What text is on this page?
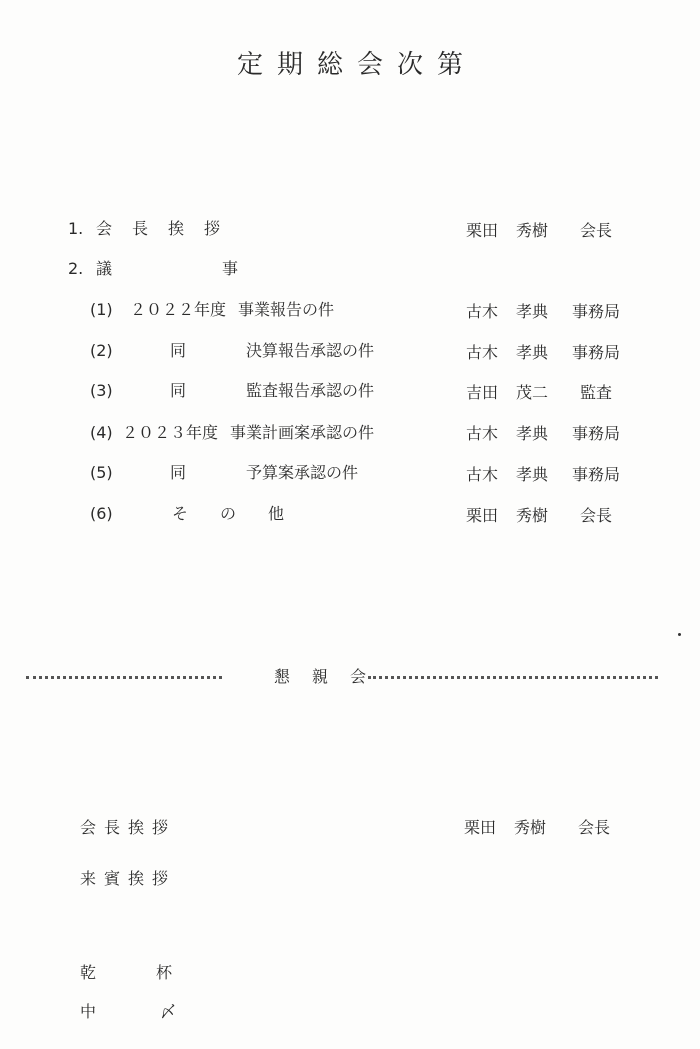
定期総会次第
1. 会長挨拶	栗田 秀樹 会長
2. 議	事
(1) ２０２２年度 事業報告の件	古木 孝典 事務局
(2)	同	決算報告承認の件	古木 孝典 事務局
(3)	同	監査報告承認の件	吉田 茂二 監査
(4) ２０２３年度 事業計画案承認の件	古木 孝典 事務局
(5)	同	予算案承認の件	古木 孝典 事務局
(6)	その他	栗田 秀樹 会長
懇親会
会長挨拶	栗田 秀樹 会長
来賓挨拶
乾杯
中〆
